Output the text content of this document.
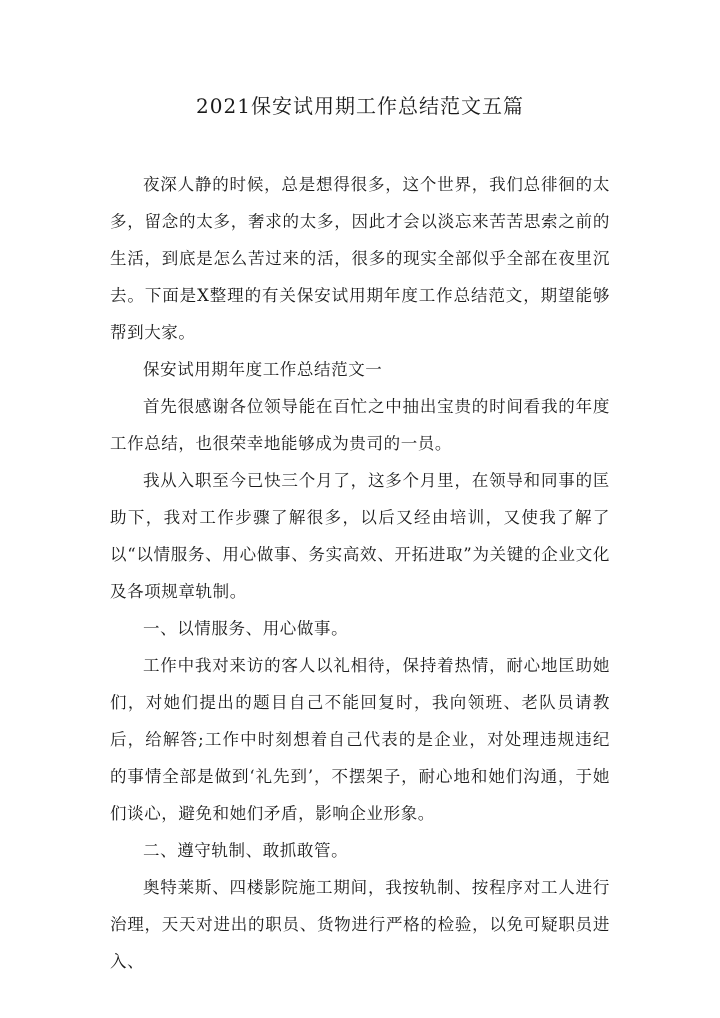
2021保安试用期工作总结范文五篇

夜深人静的时候，总是想得很多，这个世界，我们总徘徊的太多，留念的太多，奢求的太多，因此才会以淡忘来苦苦思索之前的生活，到底是怎么苦过来的活，很多的现实全部似乎全部在夜里沉去。下面是X整理的有关保安试用期年度工作总结范文，期望能够帮到大家。

保安试用期年度工作总结范文一

首先很感谢各位领导能在百忙之中抽出宝贵的时间看我的年度工作总结，也很荣幸地能够成为贵司的一员。

我从入职至今已快三个月了，这多个月里，在领导和同事的匡助下，我对工作步骤了解很多，以后又经由培训，又使我了解了以“以情服务、用心做事、务实高效、开拓进取”为关键的企业文化及各项规章轨制。

一、以情服务、用心做事。

工作中我对来访的客人以礼相待，保持着热情，耐心地匡助她们，对她们提出的题目自己不能回复时，我向领班、老队员请教后，给解答;工作中时刻想着自己代表的是企业，对处理违规违纪的事情全部是做到‘礼先到’，不摆架子，耐心地和她们沟通，于她们谈心，避免和她们矛盾，影响企业形象。

二、遵守轨制、敢抓敢管。

奥特莱斯、四楼影院施工期间，我按轨制、按程序对工人进行治理，天天对进出的职员、货物进行严格的检验，以免可疑职员进入、
